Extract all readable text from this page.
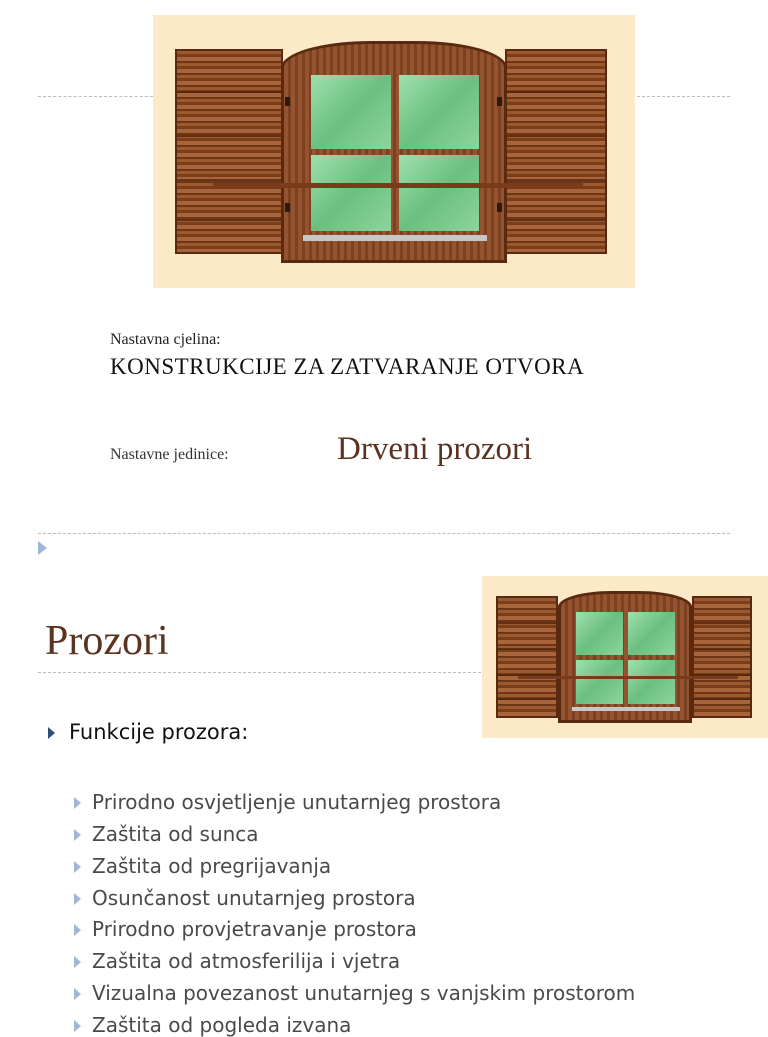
Nastavna cjelina:
KONSTRUKCIJE ZA ZATVARANJE OTVORA
Nastavne jedinice:	Drveni prozori
Prozori
Funkcije prozora:
Prirodno osvjetljenje unutarnjeg prostora
Zaštita od sunca
Zaštita od pregrijavanja
Osunčanost unutarnjeg prostora
Prirodno provjetravanje prostora
Zaštita od atmosferilija i vjetra
Vizualna povezanost unutarnjeg s vanjskim prostorom
Zaštita od pogleda izvana
